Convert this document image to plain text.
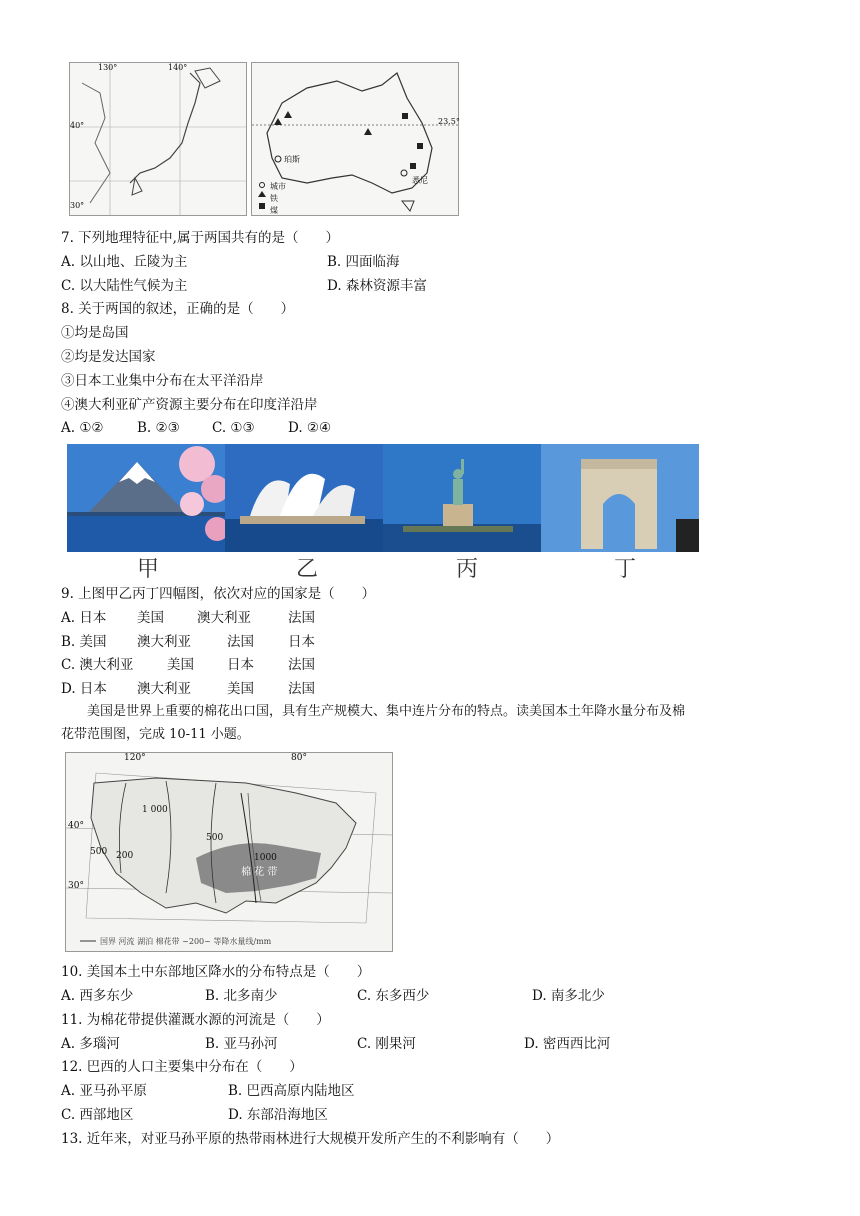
130°	140°
40°
30°
23.5°
珀斯
悉尼
城市
铁
煤
7. 下列地理特征中,属于两国共有的是（　　）
A. 以山地、丘陵为主	B. 四面临海
C. 以大陆性气候为主	D. 森林资源丰富
8. 关于两国的叙述，正确的是（　　）
①均是岛国
②均是发达国家
③日本工业集中分布在太平洋沿岸
④澳大利亚矿产资源主要分布在印度洋沿岸
A. ①② B. ②③ C. ①③ D. ②④
甲	乙	丙	丁
9. 上图甲乙丙丁四幅图，依次对应的国家是（　　）
A. 日本 美国 澳大利亚	法国
B. 美国 澳大利亚	法国	日本
C. 澳大利亚 美国 日本	法国
D. 日本 澳大利亚	美国	法国
美国是世界上重要的棉花出口国，具有生产规模大、集中连片分布的特点。读美国本土年降水量分布及棉
花带范围图，完成 10-11 小题。
120°	80°
40°
30°
1 000
500 200	1000
500
棉 花 带
国界 河流 湖泊 棉花带 ~200~ 等降水量线/mm
10. 美国本土中东部地区降水的分布特点是（　　）
A. 西多东少	B. 北多南少	C. 东多西少	D. 南多北少
11. 为棉花带提供灌溉水源的河流是（　　）
A. 多瑙河	B. 亚马孙河	C. 刚果河	D. 密西西比河
12. 巴西的人口主要集中分布在（　　）
A. 亚马孙平原	B. 巴西高原内陆地区
C. 西部地区	D. 东部沿海地区
13. 近年来，对亚马孙平原的热带雨林进行大规模开发所产生的不利影响有（　　）
